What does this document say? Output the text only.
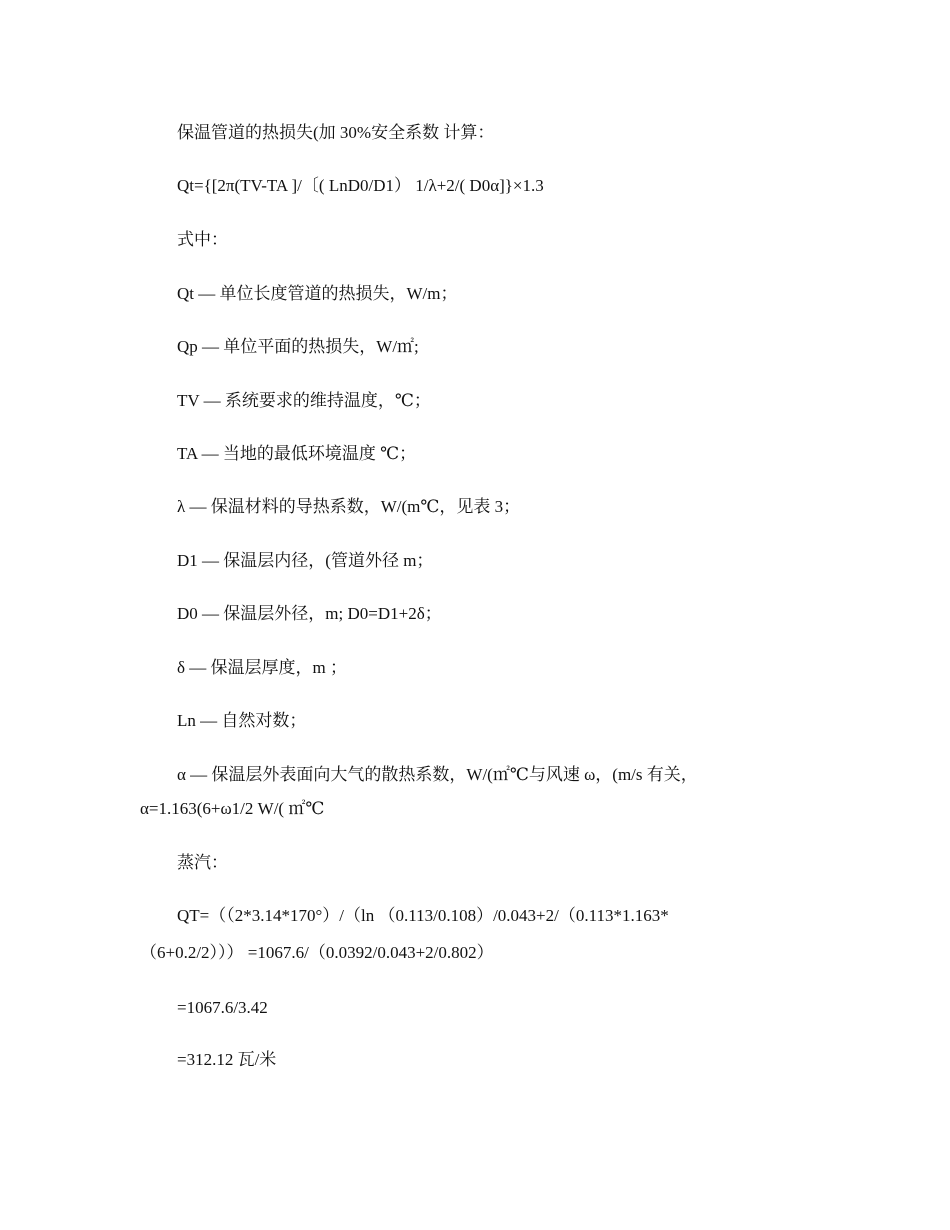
保温管道的热损失(加 30%安全系数 计算：
Qt={[2π(TV-TA ]/〔( LnD0/D1） 1/λ+2/( D0α]}×1.3
式中：
Qt — 单位长度管道的热损失，W/m；
Qp — 单位平面的热损失，W/㎡;
TV — 系统要求的维持温度，℃；
TA — 当地的最低环境温度 ℃；
λ — 保温材料的导热系数，W/(m℃，见表 3；
D1 — 保温层内径，(管道外径 m；
D0 — 保温层外径，m; D0=D1+2δ；
δ — 保温层厚度，m ；
Ln — 自然对数；
α — 保温层外表面向大气的散热系数，W/(㎡℃与风速 ω，(m/s 有关，
α=1.163(6+ω1/2 W/( ㎡℃
蒸汽：
QT=（（2*3.14*170°）/（ln （0.113/0.108）/0.043+2/（0.113*1.163*
（6+0.2/2））） =1067.6/（0.0392/0.043+2/0.802）
=1067.6/3.42
=312.12 瓦/米
